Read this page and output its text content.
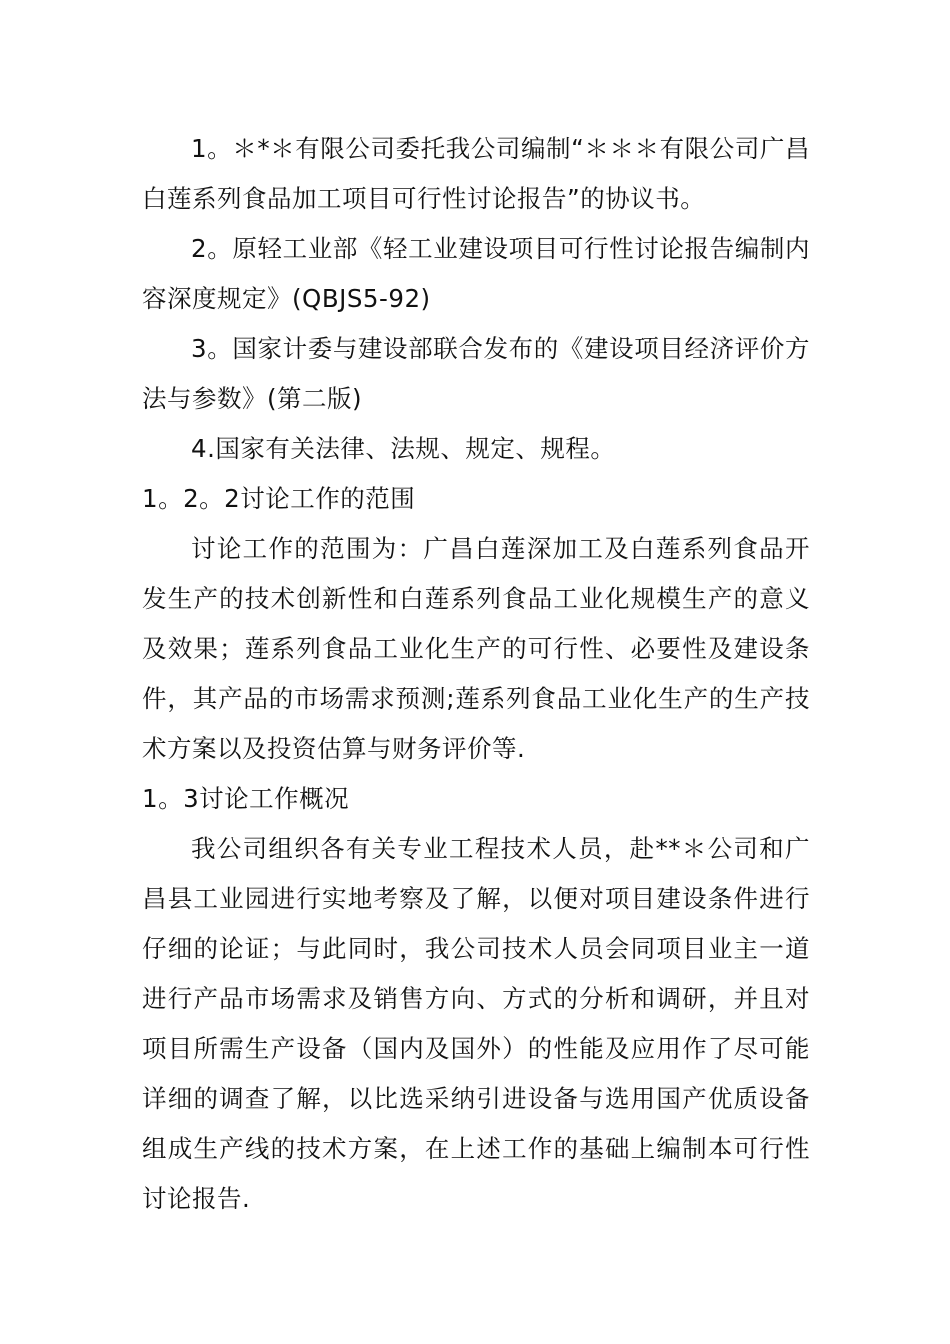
1。＊*＊有限公司委托我公司编制“＊＊＊有限公司广昌白莲系列食品加工项目可行性讨论报告”的协议书。

2。原轻工业部《轻工业建设项目可行性讨论报告编制内容深度规定》(QBJS5-92)

3。国家计委与建设部联合发布的《建设项目经济评价方法与参数》(第二版)

4.国家有关法律、法规、规定、规程。

1。2。2讨论工作的范围

讨论工作的范围为：广昌白莲深加工及白莲系列食品开发生产的技术创新性和白莲系列食品工业化规模生产的意义及效果；莲系列食品工业化生产的可行性、必要性及建设条件，其产品的市场需求预测;莲系列食品工业化生产的生产技术方案以及投资估算与财务评价等.

1。3讨论工作概况

我公司组织各有关专业工程技术人员，赴**＊公司和广昌县工业园进行实地考察及了解，以便对项目建设条件进行仔细的论证；与此同时，我公司技术人员会同项目业主一道进行产品市场需求及销售方向、方式的分析和调研，并且对项目所需生产设备（国内及国外）的性能及应用作了尽可能详细的调查了解，以比选采纳引进设备与选用国产优质设备组成生产线的技术方案，在上述工作的基础上编制本可行性讨论报告.
